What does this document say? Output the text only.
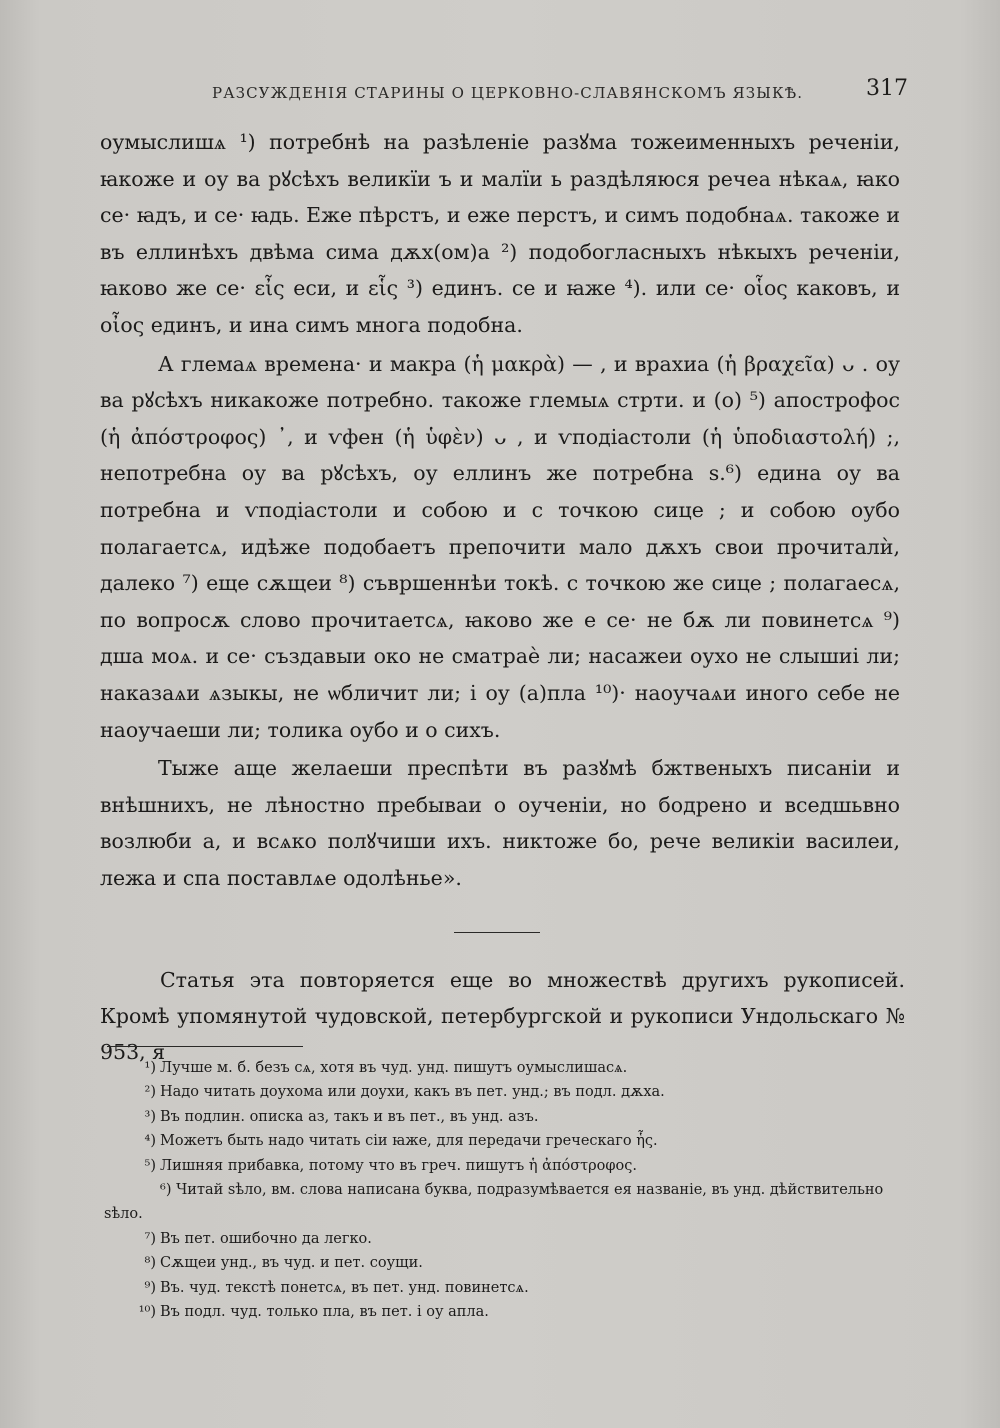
РАЗСУЖДЕНІЯ СТАРИНЫ О ЦЕРКОВНО-СЛАВЯНСКОМЪ ЯЗЫКѢ.	317

оумыслишѧ ¹) потребнѣ на разѣленіе разꙋма тожеименныхъ реченіи, ꙗкоже и оу ва рꙋсѣхъ великїи ъ и малїи ь раздѣляюся речеа нѣкаѧ, ꙗко се· ꙗдъ, и се· ꙗдь. Еже пѣрстъ, и еже перстъ, и симъ подобнаѧ. такоже и въ еллинѣхъ двѣма сима дѫх(ом)а ²) подобогласныхъ нѣкыхъ реченіи, ꙗково же се· εἶς еси, и εἷς ³) единъ. се и ꙗже ⁴). или се· οἷος каковъ, и οἶος единъ, и ина симъ многа подобна.

А глемаѧ времена· и макра (ἡ μακρὰ) — , и врахиа (ἡ βραχεῖα) ᴗ . оу ва рꙋсѣхъ никакоже потребно. такоже глемыѧ стрти. и (о) ⁵) апострофос (ἡ ἀπόστροφος) ᾿, и ѵфен (ἡ ὑφὲν) ᴗ , и ѵподіастоли (ἡ ὑποδιαστολή) ;, непотребна оу ва рꙋсѣхъ, оу еллинъ же потребна ѕ.⁶) едина оу ва потребна и ѵподіастоли и собою и с точкою сице ; и собою оубо полагаетсѧ, идѣже подобаетъ препочити мало дѫхъ свои прочиталѝ, далеко ⁷) еще сѫщеи ⁸) съвршеннѣи токѣ. с точкою же сице ; полагаесѧ, по вопросѫ слово прочитаетсѧ, ꙗково же е се· не бѫ ли повинетсѧ ⁹) дша моѧ. и се· създавыи око не сматраѐ ли; насажеи оухо не слышиі ли; наказаѧи ѧзыкы, не ѡбличит ли; і оу (а)пла ¹⁰)· наоучаѧи иного себе не наоучаеши ли; толика оубо и о сихъ.

Тыже аще желаеши преспѣти въ разꙋмѣ бжтвеныхъ писаніи и внѣшнихъ, не лѣностно пребываи о оученіи, но бодрено и вседшьвно возлюби а, и всѧко полꙋчиши ихъ. никтоже бо, рече великіи василеи, лежа и спа поставлѧе одолѣнье».

Статья эта повторяется еще во множествѣ другихъ рукописей. Кромѣ упомянутой чудовской, петербургской и рукописи Ундольскаго № 953, я

¹) Лучше м. б. безъ сѧ, хотя въ чуд. унд. пишутъ оумыслишасѧ.

²) Надо читать доухома или доухи, какъ въ пет. унд.; въ подл. дѫха.

³) Въ подлин. описка аз, такъ и въ пет., въ унд. азъ.

⁴) Можетъ быть надо читать сіи ꙗже, для передачи греческаго ἧς.

⁵) Лишняя прибавка, потому что въ греч. пишутъ ἡ ἀπόστροφος.

⁶) Читай ѕѣло, вм. слова написана буква, подразумѣвается ея названіе, въ унд. дѣйствительно ѕѣло.

⁷) Въ пет. ошибочно да легко.

⁸) Сѫщеи унд., въ чуд. и пет. соущи.

⁹) Въ. чуд. текстѣ понетсѧ, въ пет. унд. повинетсѧ.

¹⁰) Въ подл. чуд. только пла, въ пет. і оу апла.
